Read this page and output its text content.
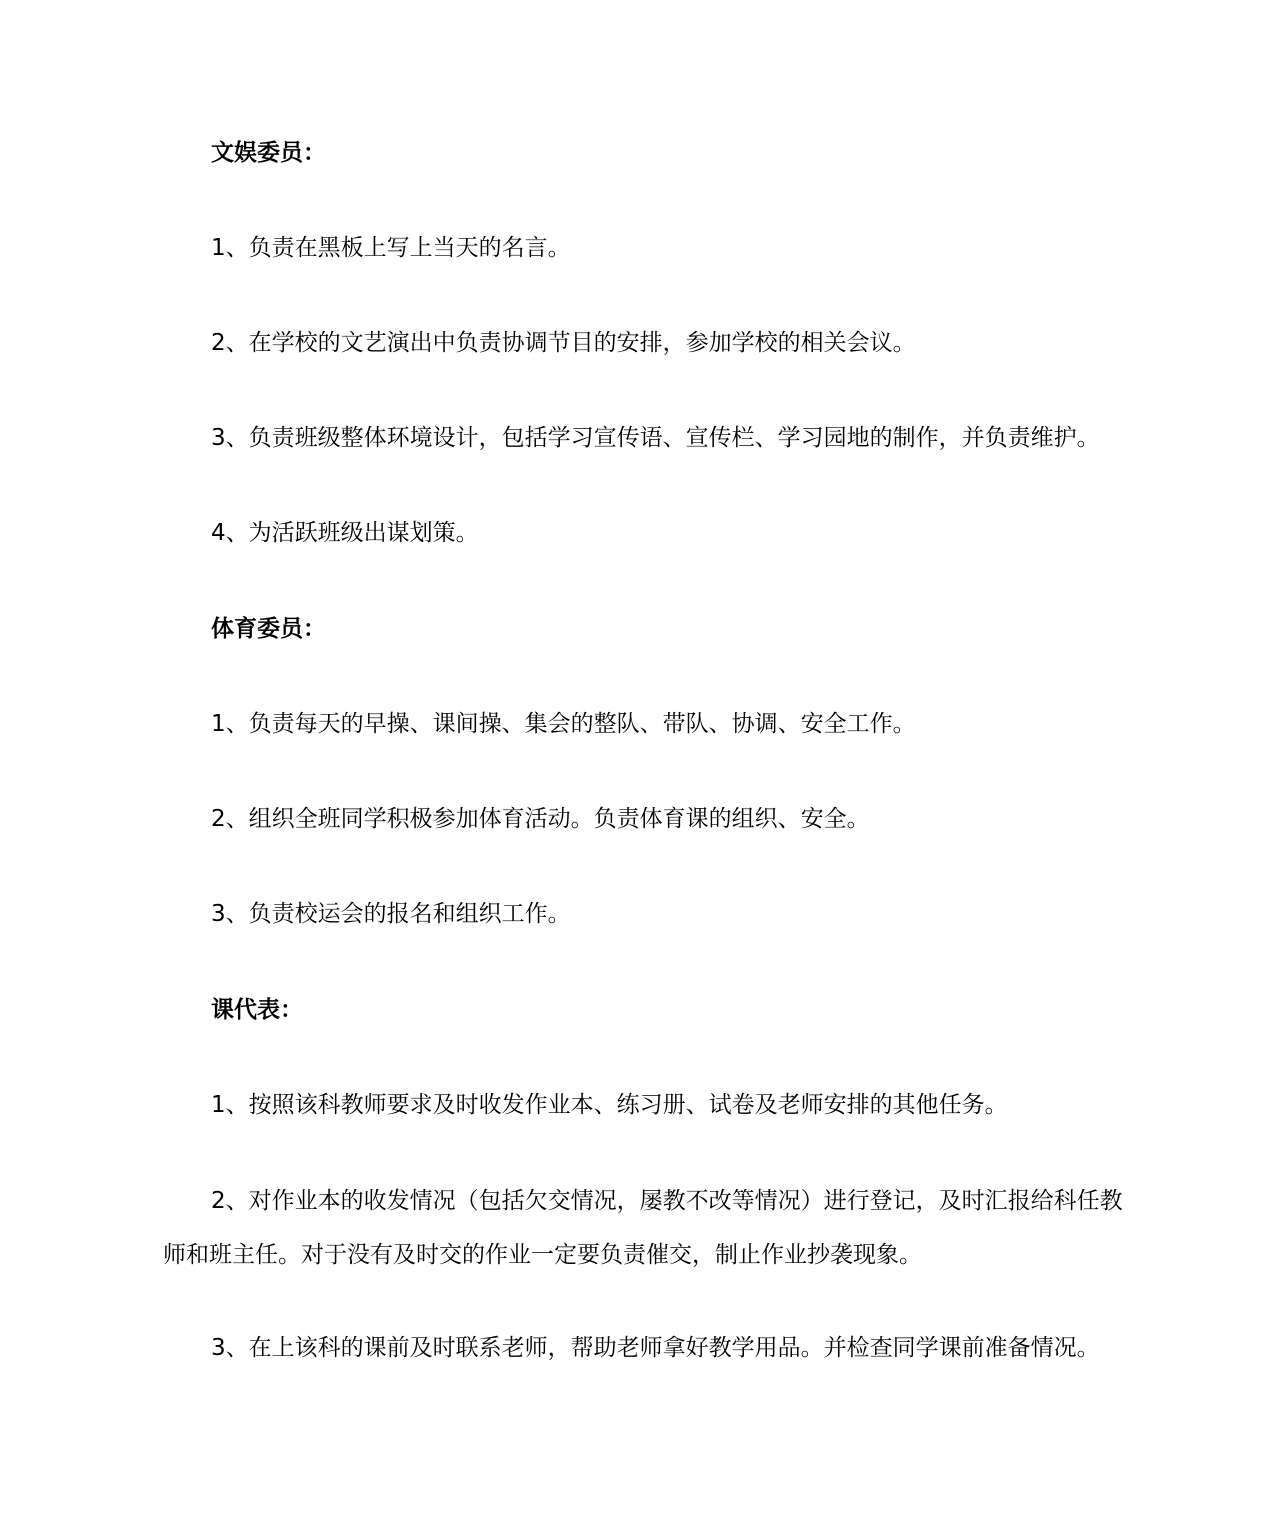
文娱委员：

1、负责在黑板上写上当天的名言。

2、在学校的文艺演出中负责协调节目的安排，参加学校的相关会议。

3、负责班级整体环境设计，包括学习宣传语、宣传栏、学习园地的制作，并负责维护。

4、为活跃班级出谋划策。

体育委员：

1、负责每天的早操、课间操、集会的整队、带队、协调、安全工作。

2、组织全班同学积极参加体育活动。负责体育课的组织、安全。

3、负责校运会的报名和组织工作。

课代表：

1、按照该科教师要求及时收发作业本、练习册、试卷及老师安排的其他任务。

2、对作业本的收发情况（包括欠交情况，屡教不改等情况）进行登记，及时汇报给科任教师和班主任。对于没有及时交的作业一定要负责催交，制止作业抄袭现象。

3、在上该科的课前及时联系老师，帮助老师拿好教学用品。并检查同学课前准备情况。
